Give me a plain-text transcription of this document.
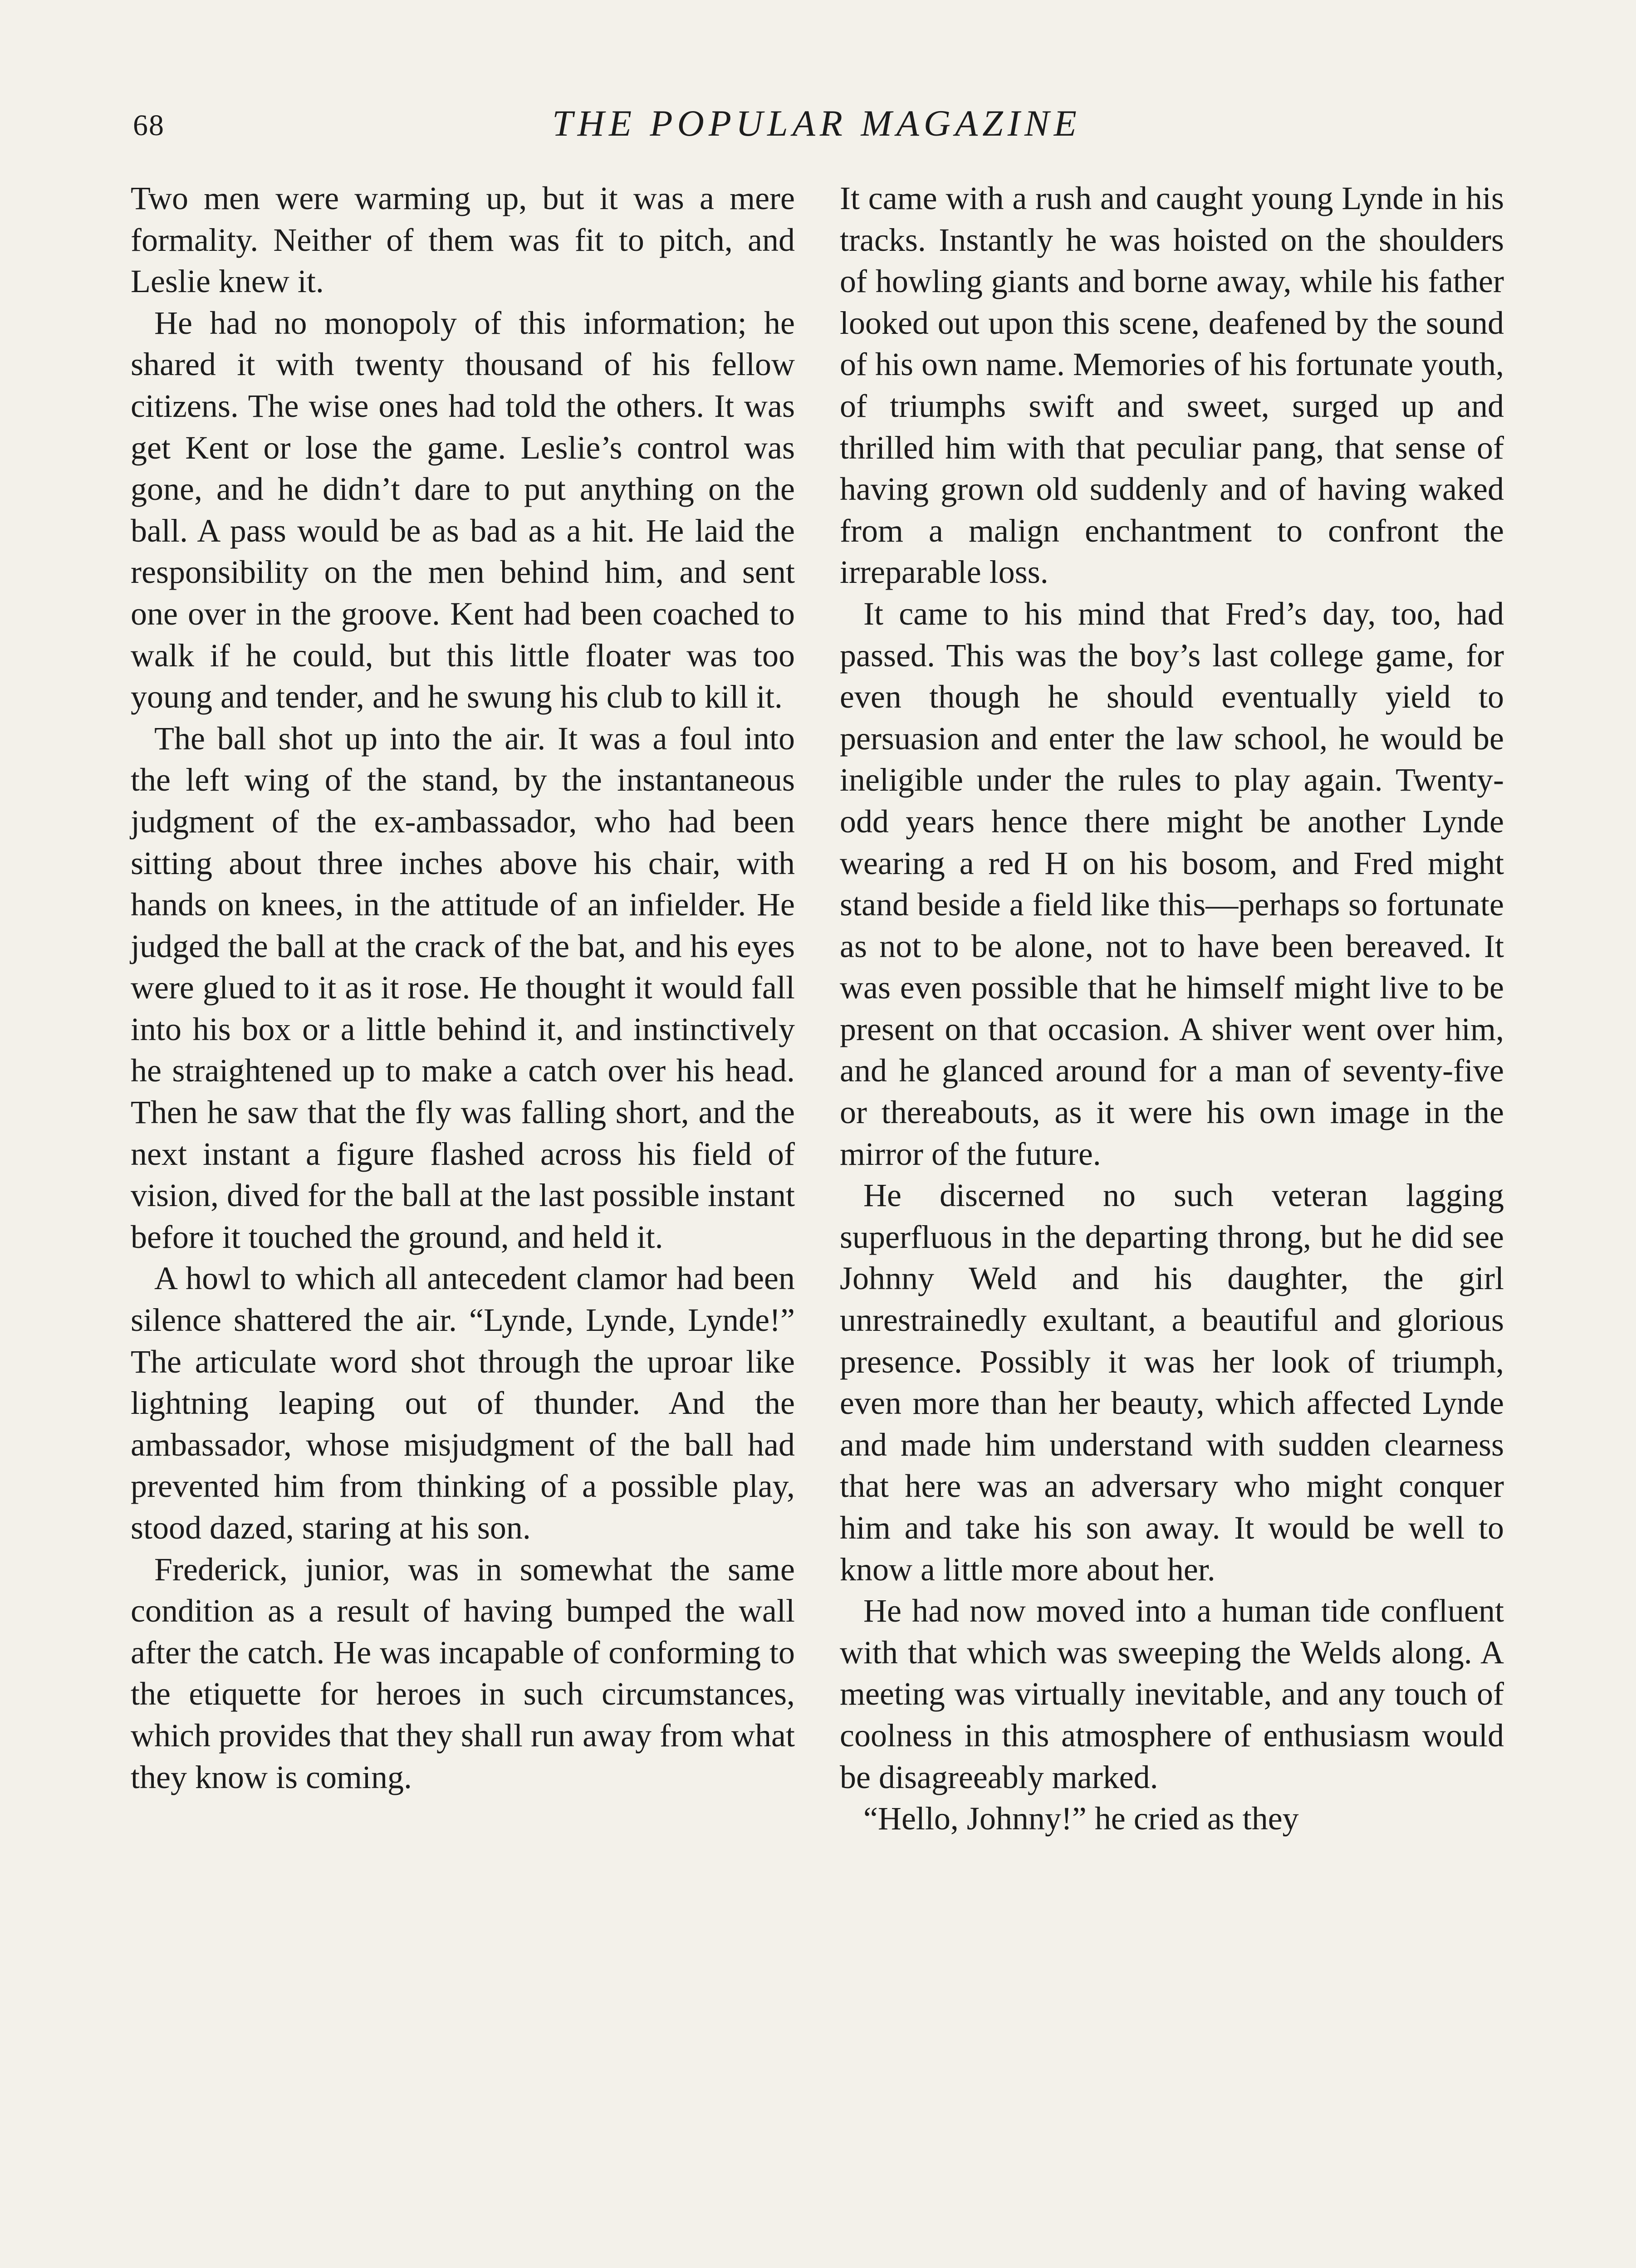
68	THE POPULAR MAGAZINE

Two men were warming up, but it was a mere formality. Neither of them was fit to pitch, and Leslie knew it.

He had no monopoly of this information; he shared it with twenty thousand of his fellow citizens. The wise ones had told the others. It was get Kent or lose the game. Leslie’s control was gone, and he didn’t dare to put anything on the ball. A pass would be as bad as a hit. He laid the responsibility on the men behind him, and sent one over in the groove. Kent had been coached to walk if he could, but this little floater was too young and tender, and he swung his club to kill it.

The ball shot up into the air. It was a foul into the left wing of the stand, by the instantaneous judgment of the ex-ambassador, who had been sitting about three inches above his chair, with hands on knees, in the attitude of an infielder. He judged the ball at the crack of the bat, and his eyes were glued to it as it rose. He thought it would fall into his box or a little behind it, and instinctively he straightened up to make a catch over his head. Then he saw that the fly was falling short, and the next instant a figure flashed across his field of vision, dived for the ball at the last possible instant before it touched the ground, and held it.

A howl to which all antecedent clamor had been silence shattered the air. “Lynde, Lynde, Lynde!” The articulate word shot through the uproar like lightning leaping out of thunder. And the ambassador, whose misjudgment of the ball had prevented him from thinking of a possible play, stood dazed, staring at his son.

Frederick, junior, was in somewhat the same condition as a result of having bumped the wall after the catch. He was incapable of conforming to the etiquette for heroes in such circumstances, which provides that they shall run away from what they know is coming.

It came with a rush and caught young Lynde in his tracks. Instantly he was hoisted on the shoulders of howling giants and borne away, while his father looked out upon this scene, deafened by the sound of his own name. Memories of his fortunate youth, of triumphs swift and sweet, surged up and thrilled him with that peculiar pang, that sense of having grown old suddenly and of having waked from a malign enchantment to confront the irreparable loss.

It came to his mind that Fred’s day, too, had passed. This was the boy’s last college game, for even though he should eventually yield to persuasion and enter the law school, he would be ineligible under the rules to play again. Twenty-odd years hence there might be another Lynde wearing a red H on his bosom, and Fred might stand beside a field like this—perhaps so fortunate as not to be alone, not to have been bereaved. It was even possible that he himself might live to be present on that occasion. A shiver went over him, and he glanced around for a man of seventy-five or thereabouts, as it were his own image in the mirror of the future.

He discerned no such veteran lagging superfluous in the departing throng, but he did see Johnny Weld and his daughter, the girl unrestrainedly exultant, a beautiful and glorious presence. Possibly it was her look of triumph, even more than her beauty, which affected Lynde and made him understand with sudden clearness that here was an adversary who might conquer him and take his son away. It would be well to know a little more about her.

He had now moved into a human tide confluent with that which was sweeping the Welds along. A meeting was virtually inevitable, and any touch of coolness in this atmosphere of enthusiasm would be disagreeably marked.

“Hello, Johnny!” he cried as they
